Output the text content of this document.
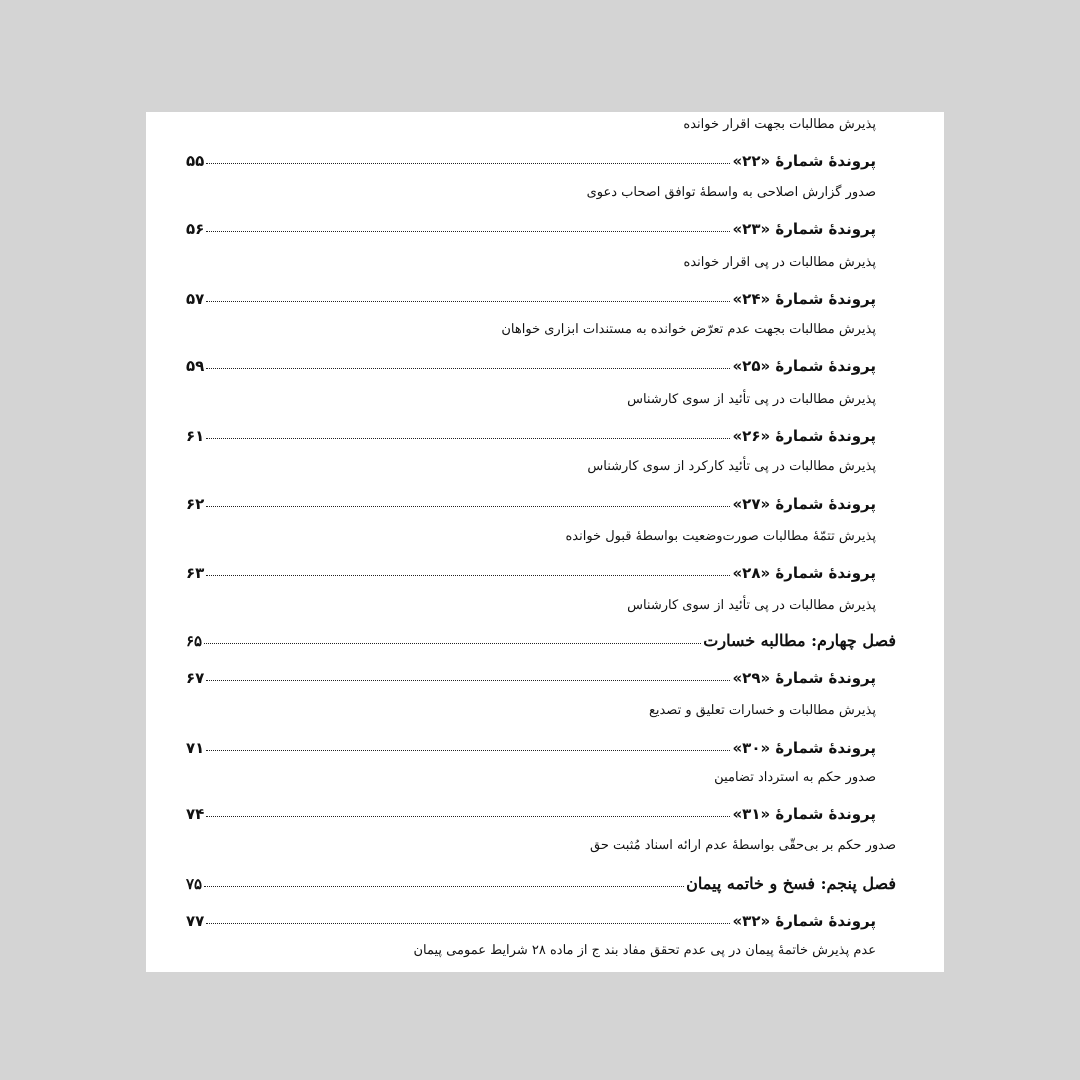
پذیرش مطالبات بجهت اقرار خوانده
پروندۀ شمارۀ «۲۲»
۵۵
صدور گزارش اصلاحی به واسطۀ توافق اصحاب دعوی
پروندۀ شمارۀ «۲۳»
۵۶
پذیرش مطالبات در پی اقرار خوانده
پروندۀ شمارۀ «۲۴»
۵۷
پذیرش مطالبات بجهت عدم تعرّض خوانده به مستندات ابزاری خواهان
پروندۀ شمارۀ «۲۵»
۵۹
پذیرش مطالبات در پی تأئید از سوی کارشناس
پروندۀ شمارۀ «۲۶»
۶۱
پذیرش مطالبات در پی تأئید کارکرد از سوی کارشناس
پروندۀ شمارۀ «۲۷»
۶۲
پذیرش تتمّۀ مطالبات صورت‌وضعیت بواسطۀ قبول خوانده
پروندۀ شمارۀ «۲۸»
۶۳
پذیرش مطالبات در پی تأئید از سوی کارشناس
فصل چهارم: مطالبه خسارت
۶۵
پروندۀ شمارۀ «۲۹»
۶۷
پذیرش مطالبات و خسارات تعلیق و تصدیع
پروندۀ شمارۀ «۳۰»
۷۱
صدور حکم به استرداد تضامین
پروندۀ شمارۀ «۳۱»
۷۴
صدور حکم بر بی‌حقّی بواسطۀ عدم ارائه اسناد مُثبت حق
فصل پنجم: فسخ و خاتمه پیمان
۷۵
پروندۀ شمارۀ «۳۲»
۷۷
عدم پذیرش خاتمۀ پیمان در پی عدم تحقق مفاد بند ج از ماده ۲۸ شرایط عمومی پیمان
